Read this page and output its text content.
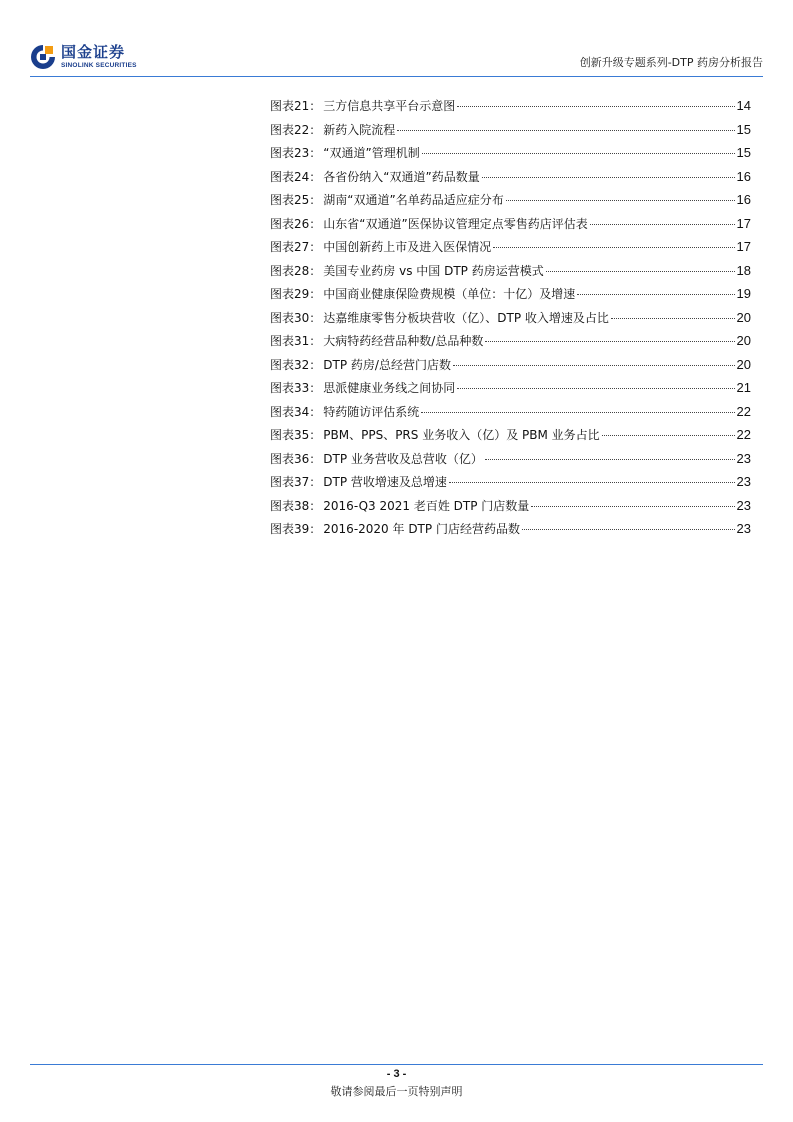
国金证券
SINOLINK SECURITIES	创新升级专题系列-DTP 药房分析报告
图表21： 三方信息共享平台示意图	14
图表22： 新药入院流程	15
图表23： “双通道”管理机制	15
图表24： 各省份纳入“双通道”药品数量	16
图表25： 湖南“双通道”名单药品适应症分布	16
图表26： 山东省“双通道”医保协议管理定点零售药店评估表	17
图表27： 中国创新药上市及进入医保情况	17
图表28： 美国专业药房 vs 中国 DTP 药房运营模式	18
图表29： 中国商业健康保险费规模（单位：十亿）及增速	19
图表30： 达嘉维康零售分板块营收（亿）、DTP 收入增速及占比	20
图表31： 大病特药经营品种数/总品种数	20
图表32： DTP 药房/总经营门店数	20
图表33： 思派健康业务线之间协同	21
图表34： 特药随访评估系统	22
图表35： PBM、PPS、PRS 业务收入（亿）及 PBM 业务占比	22
图表36： DTP 业务营收及总营收（亿）	23
图表37： DTP 营收增速及总增速	23
图表38： 2016-Q3 2021 老百姓 DTP 门店数量	23
图表39： 2016-2020 年 DTP 门店经营药品数	23
- 3 -
敬请参阅最后一页特别声明
